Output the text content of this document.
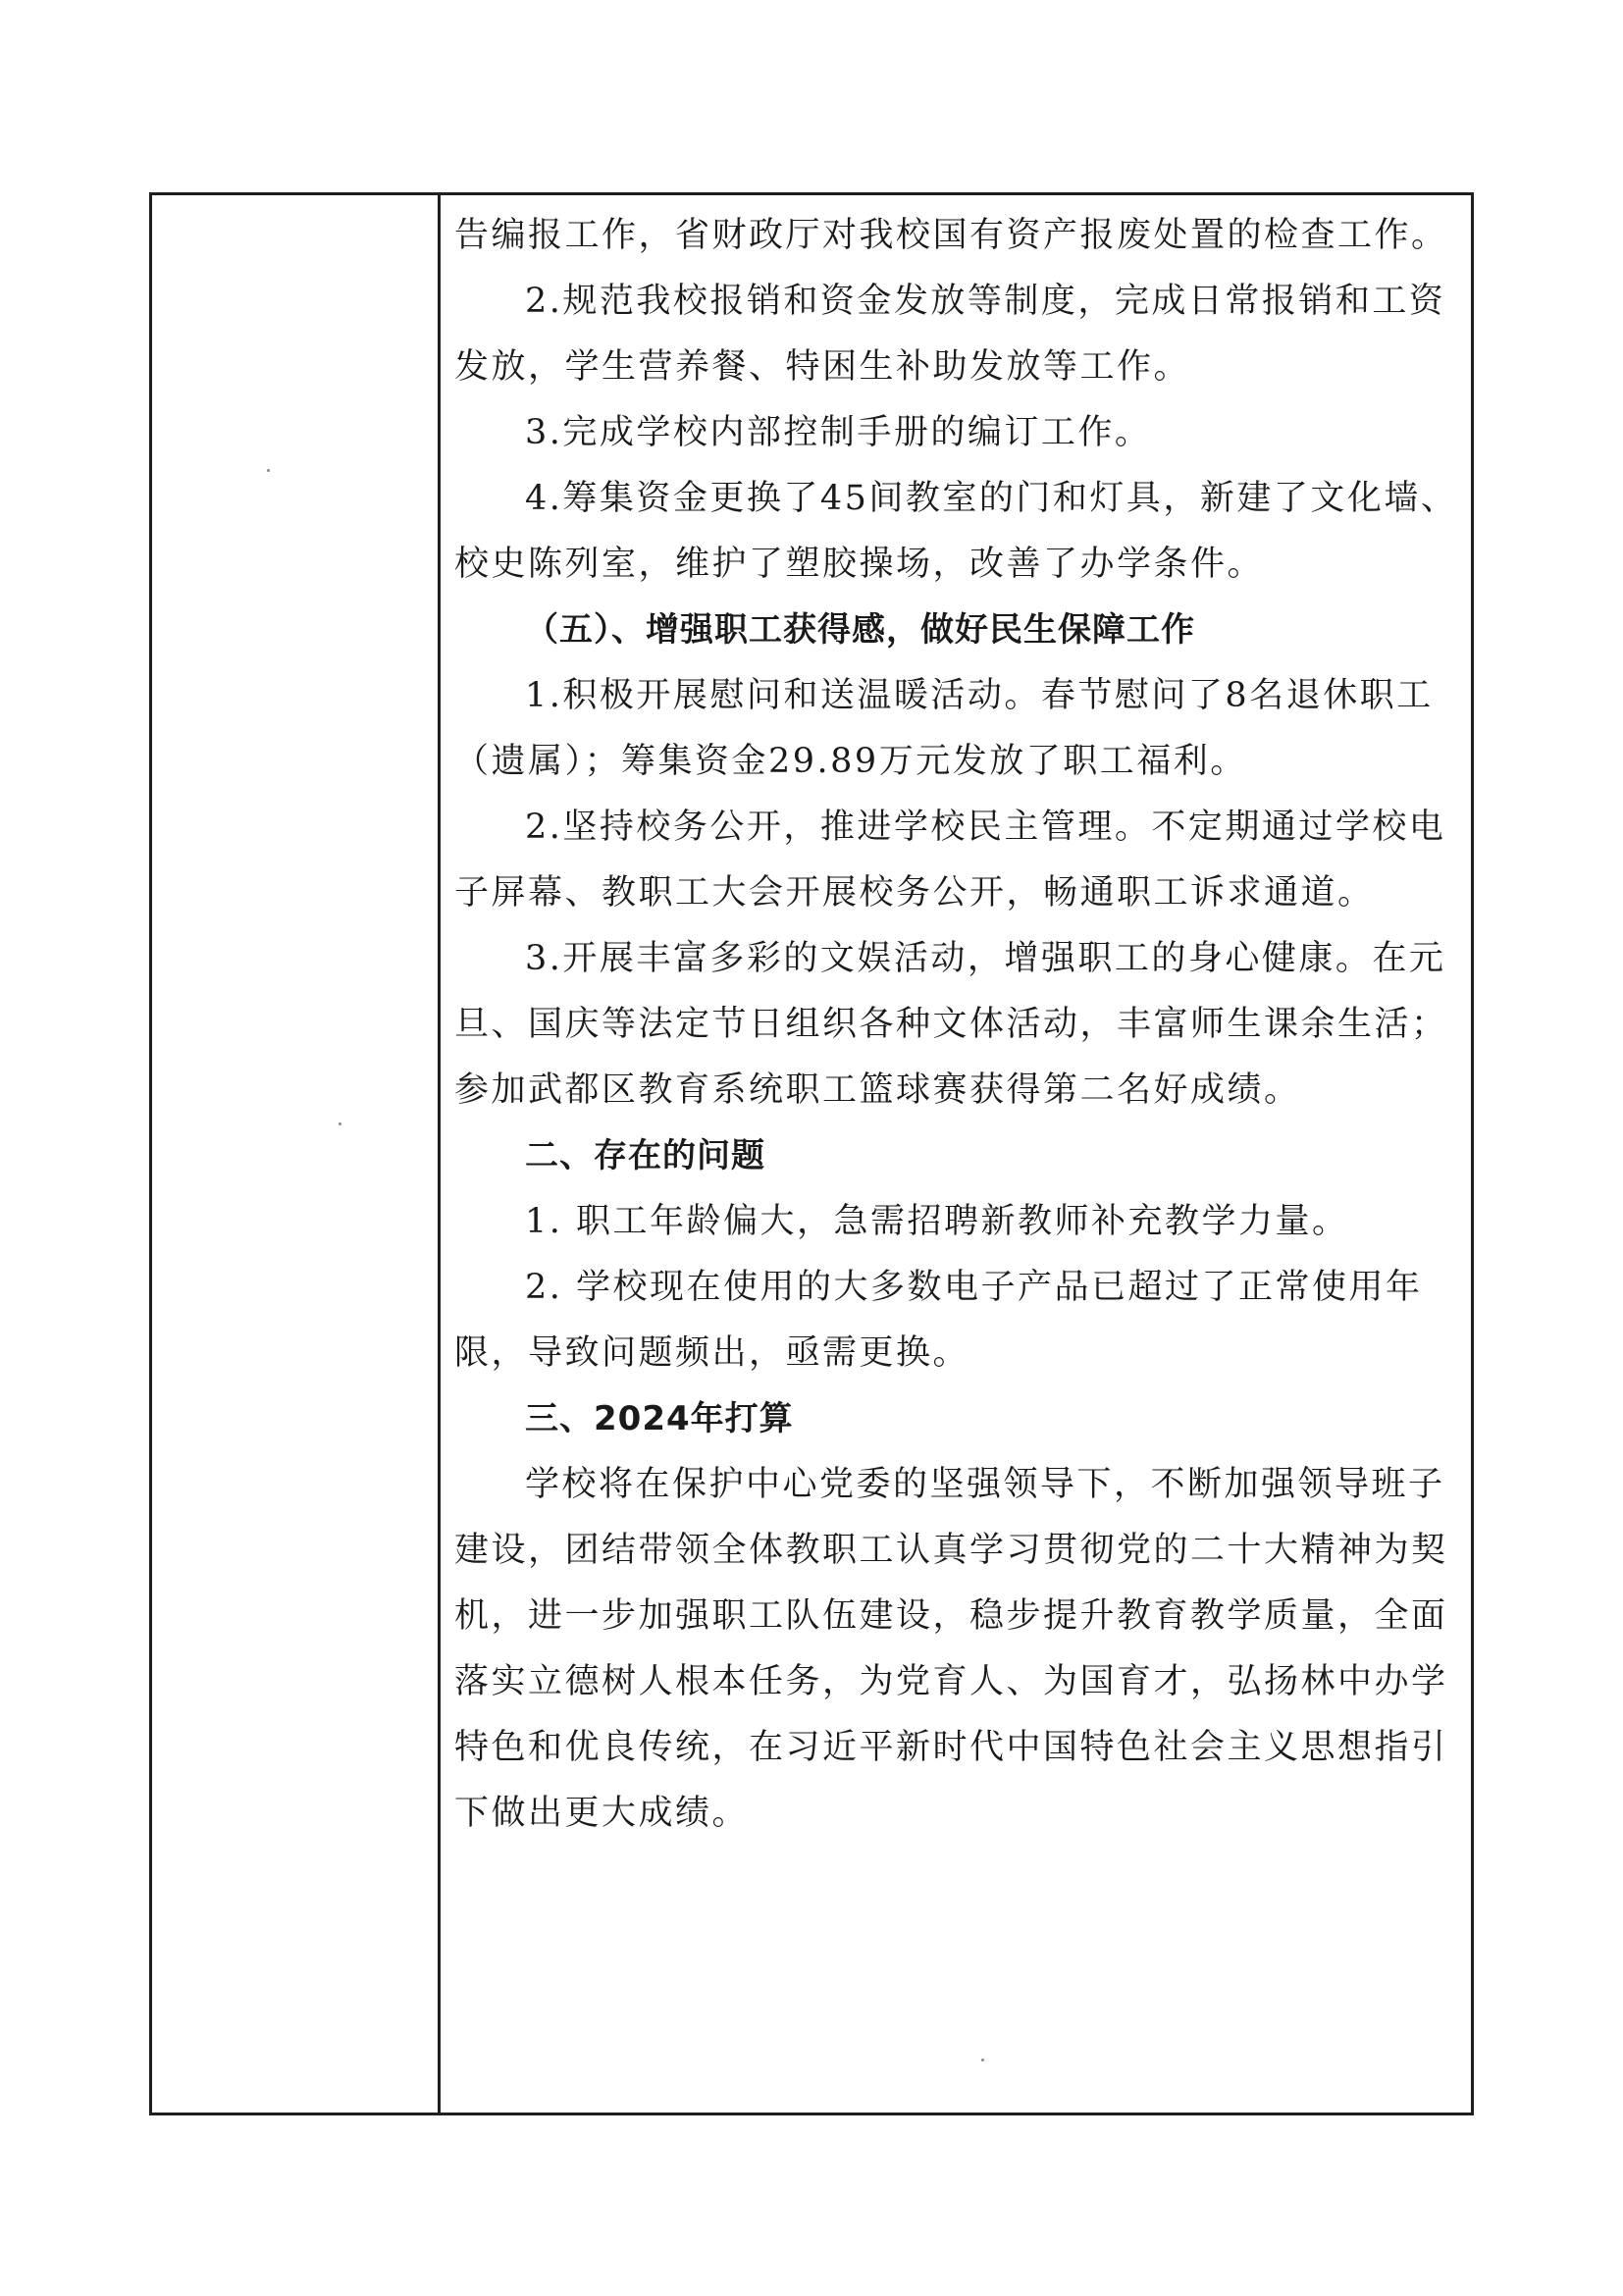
告编报工作，省财政厅对我校国有资产报废处置的检查工作。
2.规范我校报销和资金发放等制度，完成日常报销和工资
发放，学生营养餐、特困生补助发放等工作。
3.完成学校内部控制手册的编订工作。
4.筹集资金更换了45间教室的门和灯具，新建了文化墙、
校史陈列室，维护了塑胶操场，改善了办学条件。
（五）、增强职工获得感，做好民生保障工作
1.积极开展慰问和送温暖活动。春节慰问了8名退休职工
（遗属）；筹集资金29.89万元发放了职工福利。
2.坚持校务公开，推进学校民主管理。不定期通过学校电
子屏幕、教职工大会开展校务公开，畅通职工诉求通道。
3.开展丰富多彩的文娱活动，增强职工的身心健康。在元
旦、国庆等法定节日组织各种文体活动，丰富师生课余生活；
参加武都区教育系统职工篮球赛获得第二名好成绩。
二、存在的问题
1. 职工年龄偏大，急需招聘新教师补充教学力量。
2. 学校现在使用的大多数电子产品已超过了正常使用年
限，导致问题频出，亟需更换。
三、2024年打算
学校将在保护中心党委的坚强领导下，不断加强领导班子
建设，团结带领全体教职工认真学习贯彻党的二十大精神为契
机，进一步加强职工队伍建设，稳步提升教育教学质量，全面
落实立德树人根本任务，为党育人、为国育才，弘扬林中办学
特色和优良传统，在习近平新时代中国特色社会主义思想指引
下做出更大成绩。
